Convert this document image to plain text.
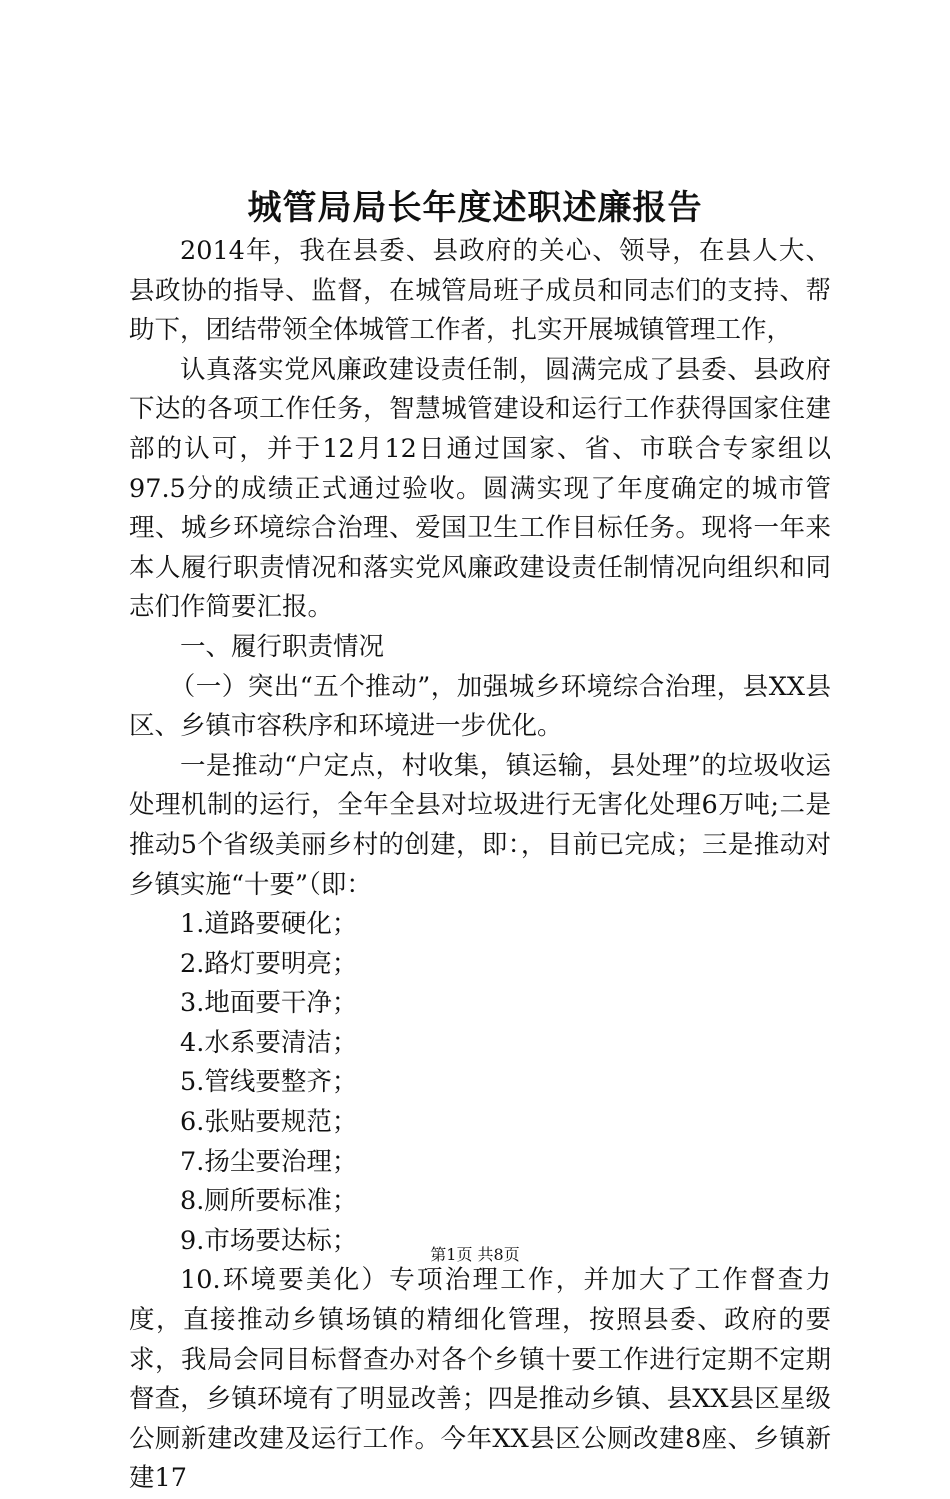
城管局局长年度述职述廉报告

2014年，我在县委、县政府的关心、领导，在县人大、县政协的指导、监督，在城管局班子成员和同志们的支持、帮助下，团结带领全体城管工作者，扎实开展城镇管理工作，

认真落实党风廉政建设责任制，圆满完成了县委、县政府下达的各项工作任务，智慧城管建设和运行工作获得国家住建部的认可，并于12月12日通过国家、省、市联合专家组以97.5分的成绩正式通过验收。圆满实现了年度确定的城市管理、城乡环境综合治理、爱国卫生工作目标任务。现将一年来本人履行职责情况和落实党风廉政建设责任制情况向组织和同志们作简要汇报。

一、履行职责情况

（一）突出“五个推动”，加强城乡环境综合治理，县XX县区、乡镇市容秩序和环境进一步优化。

一是推动“户定点，村收集，镇运输，县处理”的垃圾收运处理机制的运行，全年全县对垃圾进行无害化处理6万吨;二是推动5个省级美丽乡村的创建，即：，目前已完成；三是推动对乡镇实施“十要”（即：

1.道路要硬化；

2.路灯要明亮；

3.地面要干净；

4.水系要清洁；

5.管线要整齐；

6.张贴要规范；

7.扬尘要治理；

8.厕所要标准；

9.市场要达标；

10.环境要美化）专项治理工作，并加大了工作督查力度，直接推动乡镇场镇的精细化管理，按照县委、政府的要求，我局会同目标督查办对各个乡镇十要工作进行定期不定期督查，乡镇环境有了明显改善；四是推动乡镇、县XX县区星级公厕新建改建及运行工作。今年XX县区公厕改建8座、乡镇新建17

第1页 共8页
